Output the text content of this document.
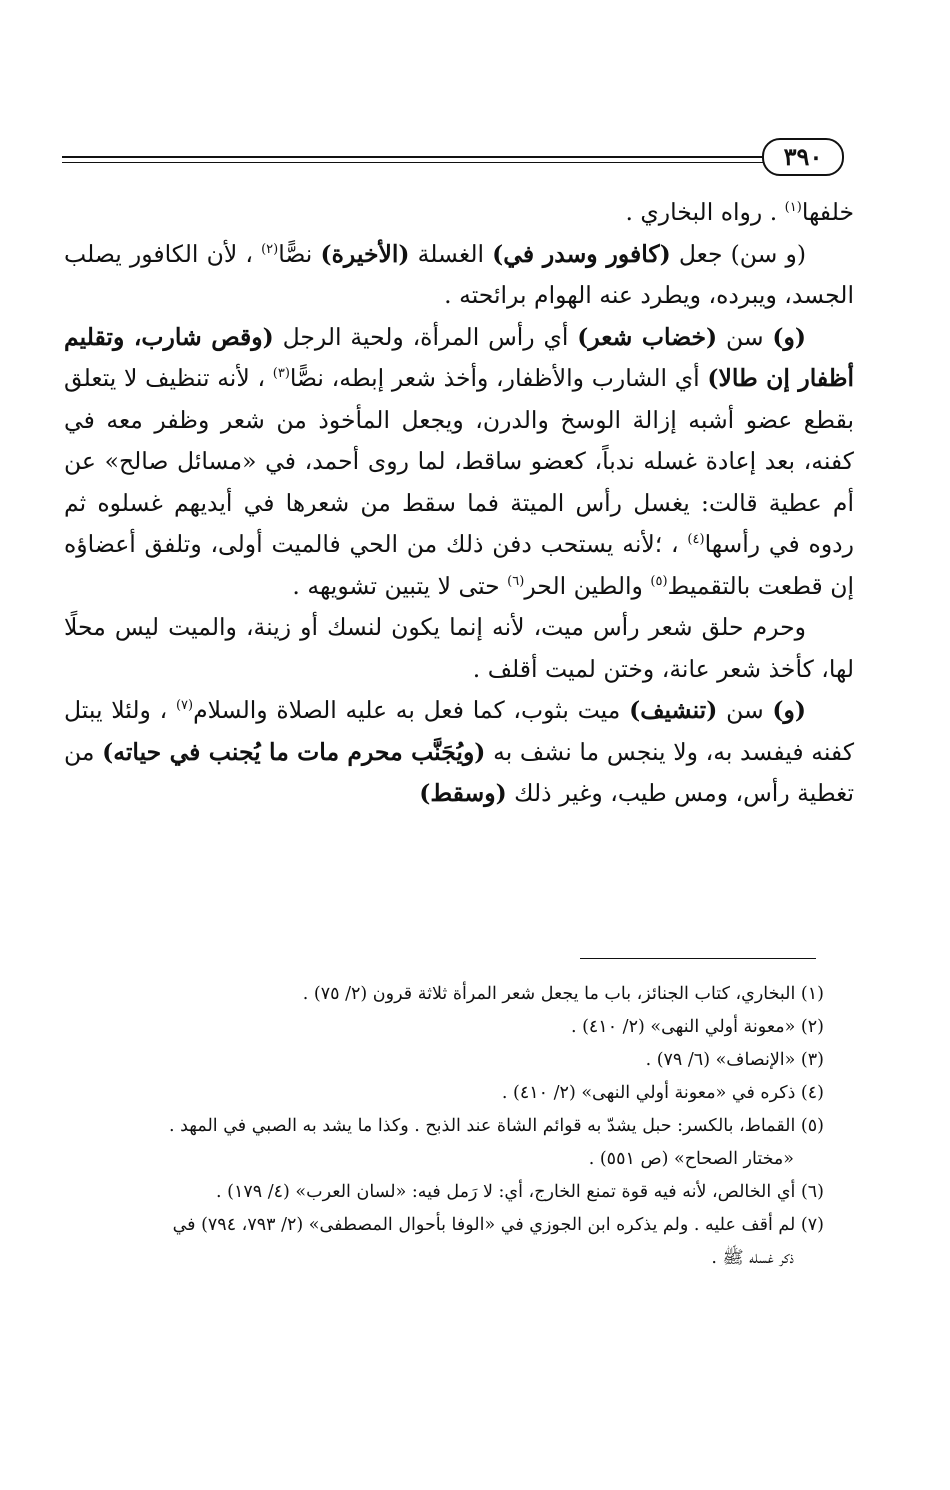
٣٩٠

خلفها$^{(١)}$ . رواه البخاري .

(و سن) جعل (كافور وسدر في) الغسلة (الأخيرة) نصًّا$^{(٢)}$ ، لأن الكافور يصلب الجسد، ويبرده، ويطرد عنه الهوام برائحته .

(و) سن (خضاب شعر) أي رأس المرأة، ولحية الرجل (وقص شارب، وتقليم أظفار إن طالا) أي الشارب والأظفار، وأخذ شعر إبطه، نصًّا$^{(٣)}$ ، لأنه تنظيف لا يتعلق بقطع عضو أشبه إزالة الوسخ والدرن، ويجعل المأخوذ من شعر وظفر معه في كفنه، بعد إعادة غسله ندباً، كعضو ساقط، لما روى أحمد، في «مسائل صالح» عن أم عطية قالت: يغسل رأس الميتة فما سقط من شعرها في أيديهم غسلوه ثم ردوه في رأسها$^{(٤)}$ ، ؛لأنه يستحب دفن ذلك من الحي فالميت أولى، وتلفق أعضاؤه إن قطعت بالتقميط$^{(٥)}$ والطين الحر$^{(٦)}$ حتى لا يتبين تشويهه .

وحرم حلق شعر رأس ميت، لأنه إنما يكون لنسك أو زينة، والميت ليس محلًا لها، كأخذ شعر عانة، وختن لميت أقلف .

(و) سن (تنشيف) ميت بثوب، كما فعل به عليه الصلاة والسلام$^{(٧)}$ ، ولئلا يبتل كفنه فيفسد به، ولا ينجس ما نشف به (ويُجَنَّب محرم مات ما يُجنب في حياته) من تغطية رأس، ومس طيب، وغير ذلك (وسقط)

(١) البخاري، كتاب الجنائز، باب ما يجعل شعر المرأة ثلاثة قرون (٢/ ٧٥) .

(٢) «معونة أولي النهى» (٢/ ٤١٠) .

(٣) «الإنصاف» (٦/ ٧٩) .

(٤) ذكره في «معونة أولي النهى» (٢/ ٤١٠) .

(٥) القماط، بالكسر: حبل يشدّ به قوائم الشاة عند الذبح . وكذا ما يشد به الصبي في المهد .

«مختار الصحاح» (ص ٥٥١) .

(٦) أي الخالص، لأنه فيه قوة تمنع الخارج، أي: لا رَمل فيه: «لسان العرب» (٤/ ١٧٩) .

(٧) لم أقف عليه . ولم يذكره ابن الجوزي في «الوفا بأحوال المصطفى» (٢/ ٧٩٣، ٧٩٤) في

ذكر غسله ﷺ .
